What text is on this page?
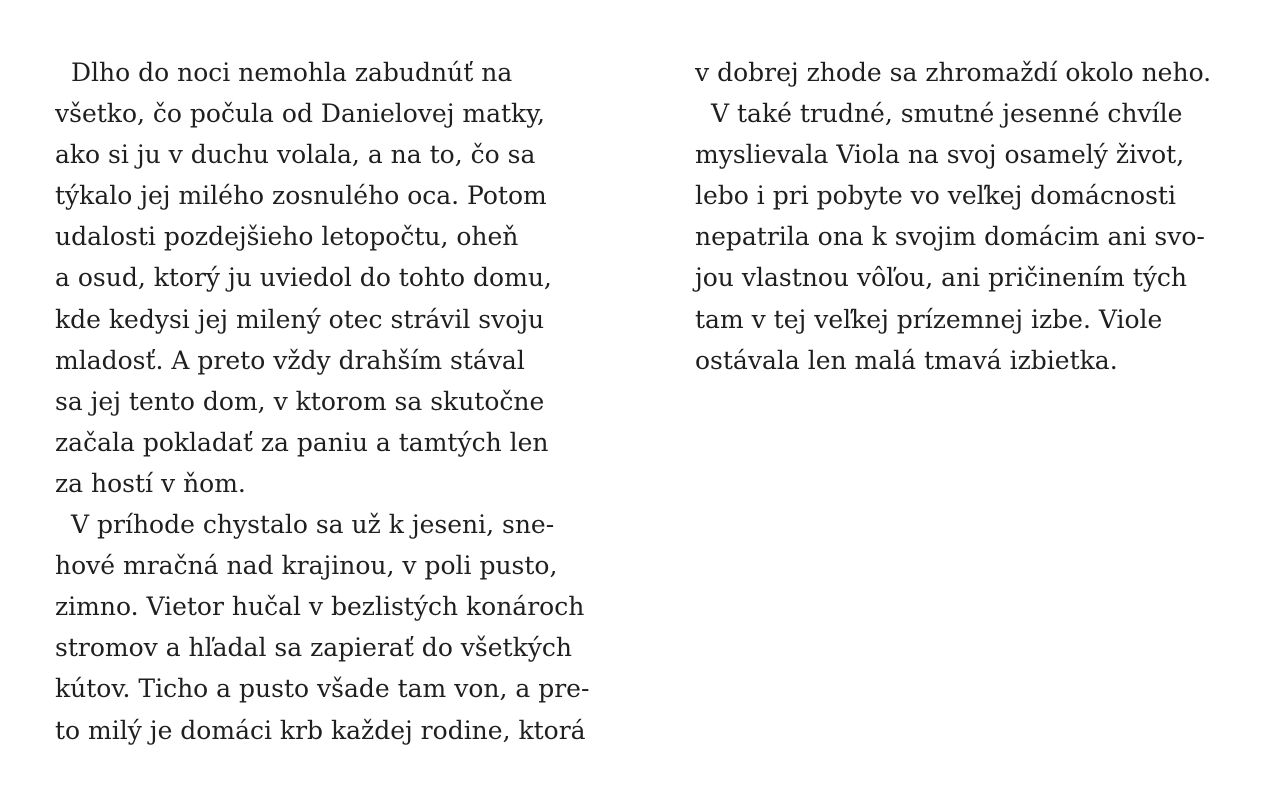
Dlho do noci nemohla zabudnúť na
všetko, čo počula od Danielovej matky,
ako si ju v duchu volala, a na to, čo sa
týkalo jej milého zosnulého oca. Potom
udalosti pozdejšieho letopočtu, oheň
a osud, ktorý ju uviedol do tohto domu,
kde kedysi jej milený otec strávil svoju
mladosť. A preto vždy drahším stával
sa jej tento dom, v ktorom sa skutočne
začala pokladať za paniu a tamtých len
za hostí v ňom.
V príhode chystalo sa už k jeseni, sne-
hové mračná nad krajinou, v poli pusto,
zimno. Vietor hučal v bezlistých konároch
stromov a hľadal sa zapierať do všetkých
kútov. Ticho a pusto všade tam von, a pre-
to milý je domáci krb každej rodine, ktorá
v dobrej zhode sa zhromaždí okolo neho.
V také trudné, smutné jesenné chvíle
myslievala Viola na svoj osamelý život,
lebo i pri pobyte vo veľkej domácnosti
nepatrila ona k svojim domácim ani svo-
jou vlastnou vôľou, ani pričinením tých
tam v tej veľkej prízemnej izbe. Viole
ostávala len malá tmavá izbietka.
